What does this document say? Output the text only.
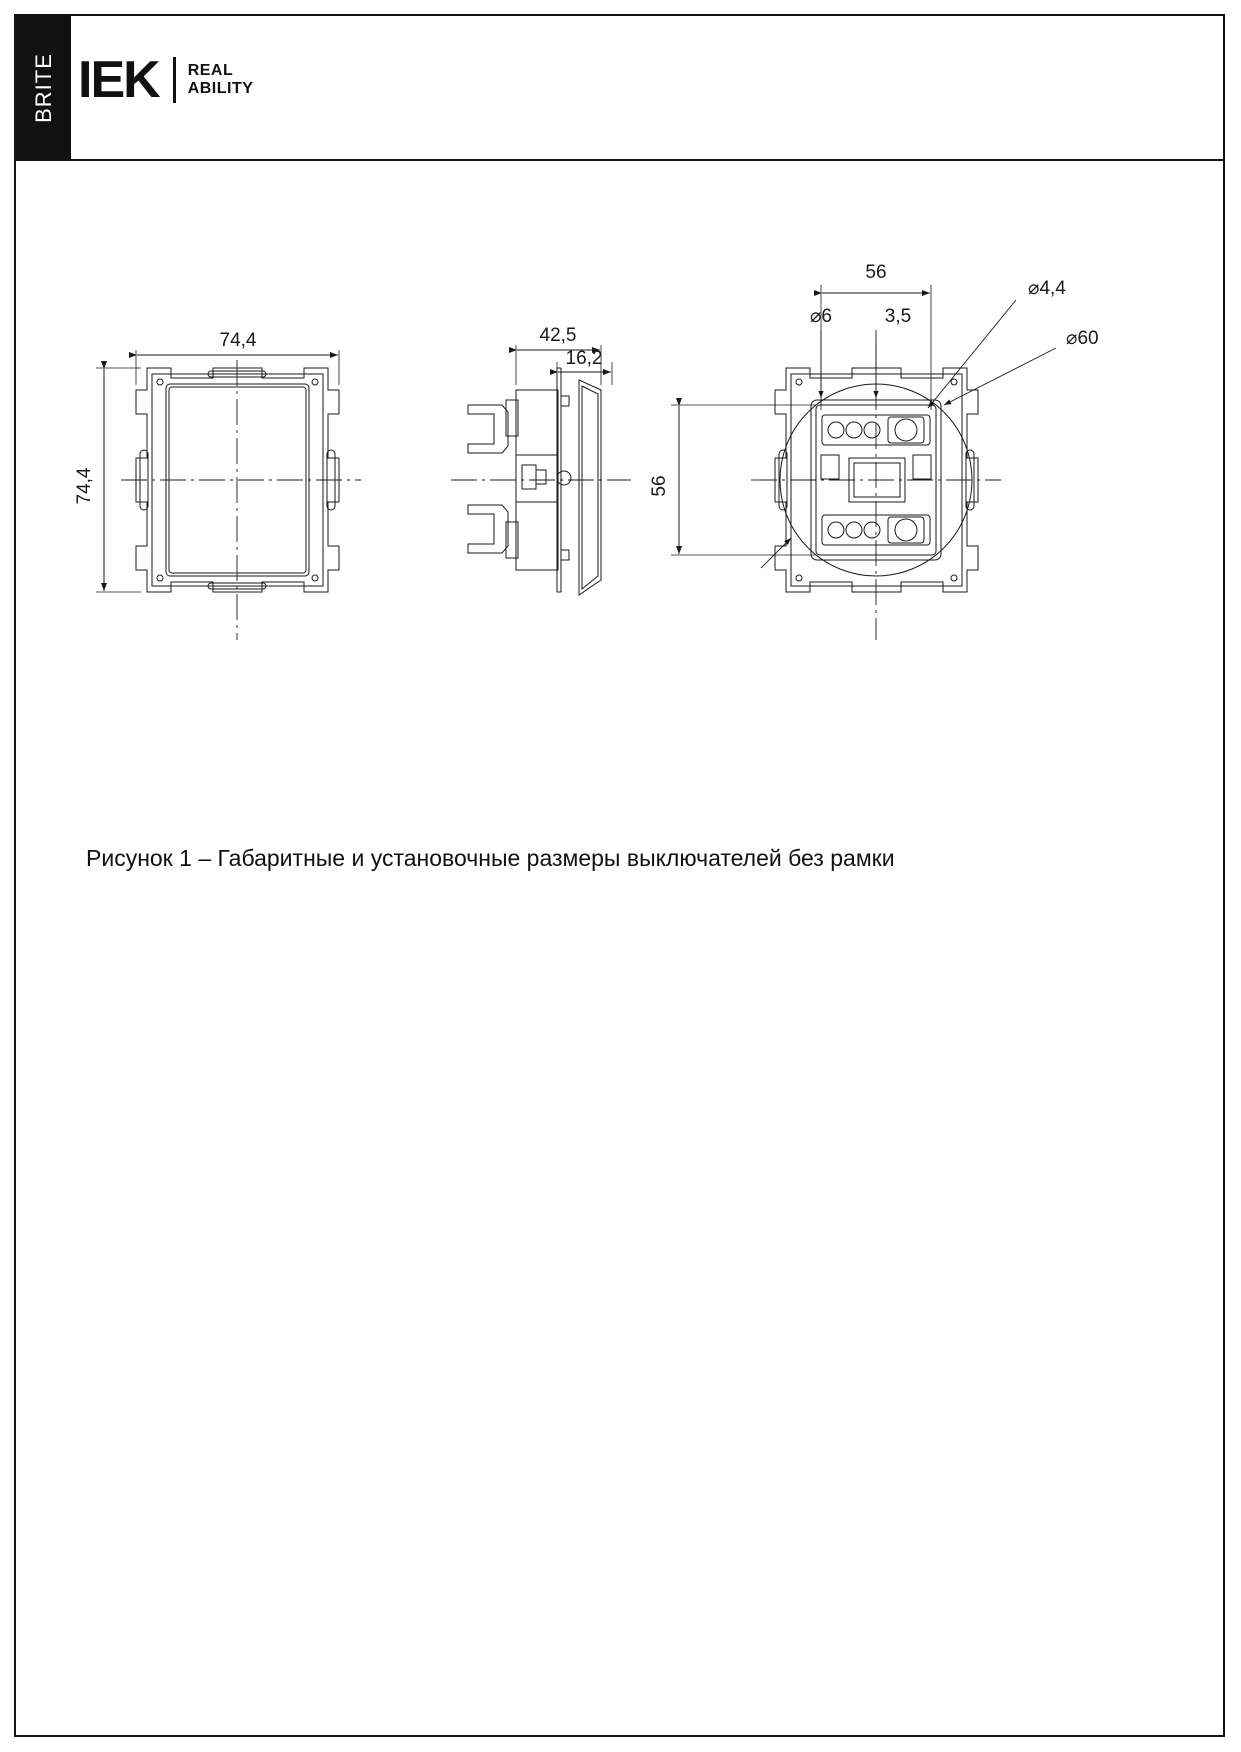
BRITE IEK REAL
ABILITY
74,4
74,4
42,5
16,2
56
56
⌀6	3,5
⌀4,4
⌀60
Рисунок 1 – Габаритные и установочные размеры выключателей без рамки
